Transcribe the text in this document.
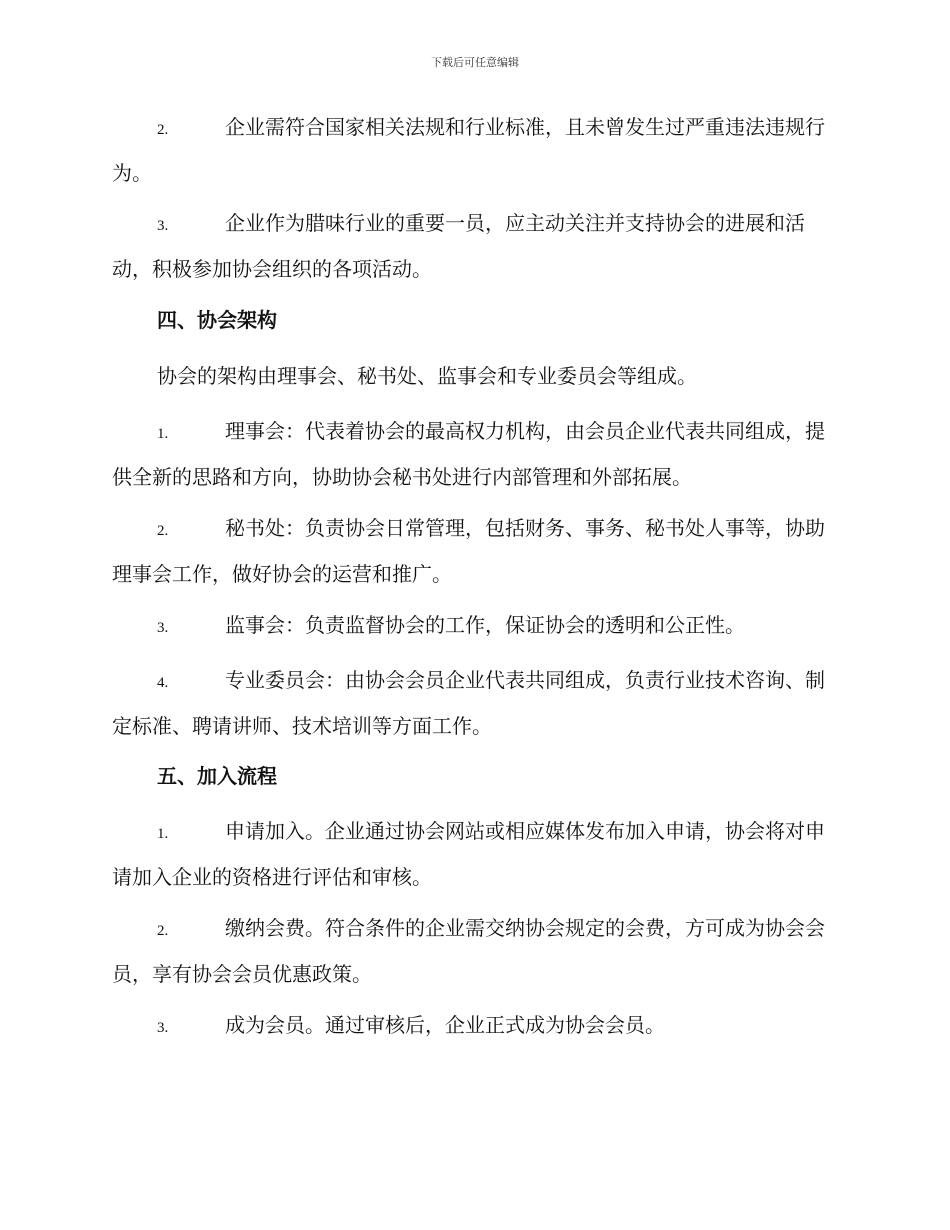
下载后可任意编辑
2.	企业需符合国家相关法规和行业标准，且未曾发生过严重违法违规行为。
3.	企业作为腊味行业的重要一员，应主动关注并支持协会的进展和活动，积极参加协会组织的各项活动。
四、协会架构
协会的架构由理事会、秘书处、监事会和专业委员会等组成。
1.	理事会：代表着协会的最高权力机构，由会员企业代表共同组成，提供全新的思路和方向，协助协会秘书处进行内部管理和外部拓展。
2.	秘书处：负责协会日常管理，包括财务、事务、秘书处人事等，协助理事会工作，做好协会的运营和推广。
3.	监事会：负责监督协会的工作，保证协会的透明和公正性。
4.	专业委员会：由协会会员企业代表共同组成，负责行业技术咨询、制定标准、聘请讲师、技术培训等方面工作。
五、加入流程
1.	申请加入。企业通过协会网站或相应媒体发布加入申请，协会将对申请加入企业的资格进行评估和审核。
2.	缴纳会费。符合条件的企业需交纳协会规定的会费，方可成为协会会员，享有协会会员优惠政策。
3.	成为会员。通过审核后，企业正式成为协会会员。
